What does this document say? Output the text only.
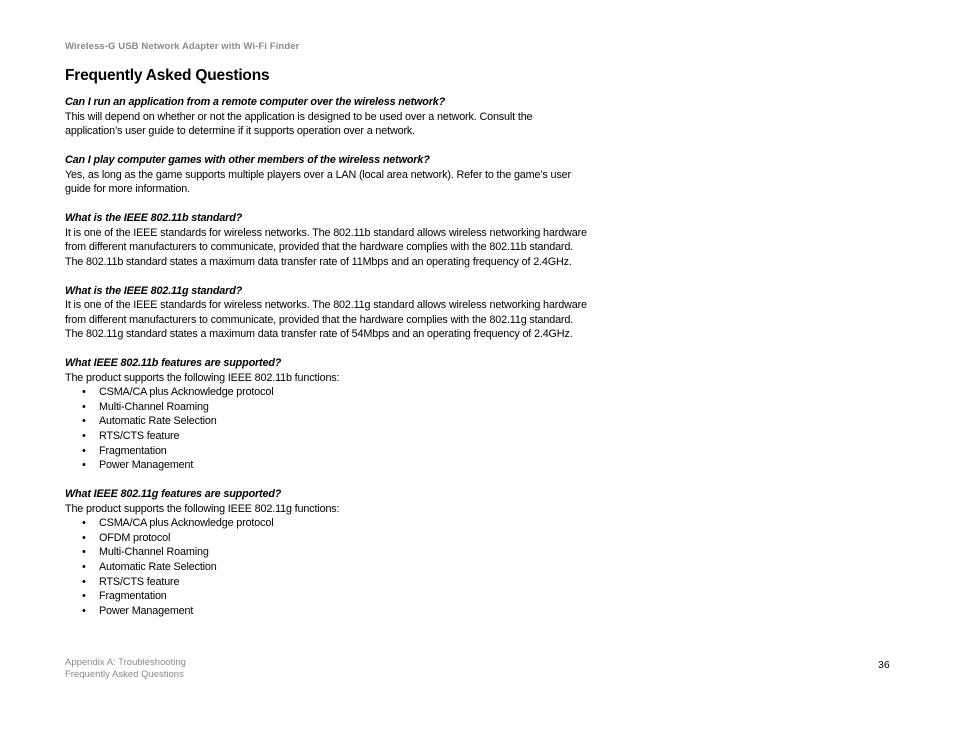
Wireless-G USB Network Adapter with Wi-Fi Finder
Frequently Asked Questions
Can I run an application from a remote computer over the wireless network?
This will depend on whether or not the application is designed to be used over a network. Consult the application’s user guide to determine if it supports operation over a network.
Can I play computer games with other members of the wireless network?
Yes, as long as the game supports multiple players over a LAN (local area network). Refer to the game’s user guide for more information.
What is the IEEE 802.11b standard?
It is one of the IEEE standards for wireless networks. The 802.11b standard allows wireless networking hardware from different manufacturers to communicate, provided that the hardware complies with the 802.11b standard. The 802.11b standard states a maximum data transfer rate of 11Mbps and an operating frequency of 2.4GHz.
What is the IEEE 802.11g standard?
It is one of the IEEE standards for wireless networks. The 802.11g standard allows wireless networking hardware from different manufacturers to communicate, provided that the hardware complies with the 802.11g standard. The 802.11g standard states a maximum data transfer rate of 54Mbps and an operating frequency of 2.4GHz.
What IEEE 802.11b features are supported?
The product supports the following IEEE 802.11b functions:
• CSMA/CA plus Acknowledge protocol
• Multi-Channel Roaming
• Automatic Rate Selection
• RTS/CTS feature
• Fragmentation
• Power Management
What IEEE 802.11g features are supported?
The product supports the following IEEE 802.11g functions:
• CSMA/CA plus Acknowledge protocol
• OFDM protocol
• Multi-Channel Roaming
• Automatic Rate Selection
• RTS/CTS feature
• Fragmentation
• Power Management
Appendix A: Troubleshooting
Frequently Asked Questions
36
